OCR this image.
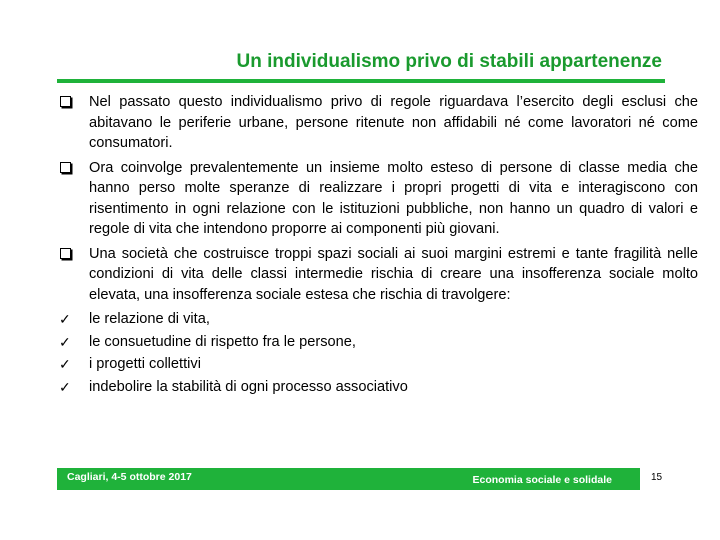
Un individualismo privo di stabili appartenenze
Nel passato questo individualismo privo di regole riguardava l’esercito degli esclusi che abitavano le periferie urbane, persone ritenute non affidabili né come lavoratori né come consumatori.
Ora coinvolge prevalentemente un insieme molto esteso di persone di classe media che hanno perso molte speranze di realizzare i propri progetti di vita e interagiscono con risentimento in ogni relazione con le istituzioni pubbliche, non hanno un quadro di valori e regole di vita che intendono proporre ai componenti più giovani.
Una società che costruisce troppi spazi sociali ai suoi margini estremi e tante fragilità nelle condizioni di vita delle classi intermedie rischia di creare una insofferenza sociale molto elevata, una insofferenza sociale estesa che rischia di travolgere:
✓	le relazione di vita,
✓	le consuetudine di rispetto fra le persone,
✓	i progetti collettivi
✓	indebolire la stabilità di ogni processo associativo
Cagliari, 4-5 ottobre 2017	Economia sociale e solidale	15
